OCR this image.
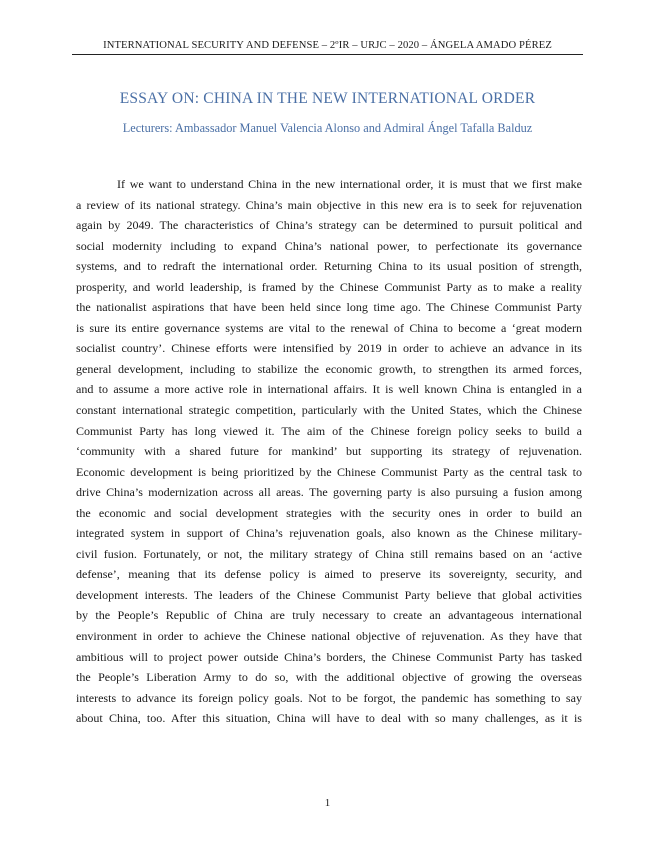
INTERNATIONAL SECURITY AND DEFENSE – 2ºIR – URJC – 2020 – ÁNGELA AMADO PÉREZ
ESSAY ON: CHINA IN THE NEW INTERNATIONAL ORDER
Lecturers: Ambassador Manuel Valencia Alonso and Admiral Ángel Tafalla Balduz
If we want to understand China in the new international order, it is must that we first make
a review of its national strategy. China’s main objective in this new era is to seek for rejuvenation
again by 2049. The characteristics of China’s strategy can be determined to pursuit political and
social modernity including to expand China’s national power, to perfectionate its governance
systems, and to redraft the international order. Returning China to its usual position of strength,
prosperity, and world leadership, is framed by the Chinese Communist Party as to make a reality
the nationalist aspirations that have been held since long time ago. The Chinese Communist Party
is sure its entire governance systems are vital to the renewal of China to become a ‘great modern
socialist country’. Chinese efforts were intensified by 2019 in order to achieve an advance in its
general development, including to stabilize the economic growth, to strengthen its armed forces,
and to assume a more active role in international affairs. It is well known China is entangled in a
constant international strategic competition, particularly with the United States, which the Chinese
Communist Party has long viewed it. The aim of the Chinese foreign policy seeks to build a
‘community with a shared future for mankind’ but supporting its strategy of rejuvenation.
Economic development is being prioritized by the Chinese Communist Party as the central task to
drive China’s modernization across all areas. The governing party is also pursuing a fusion among
the economic and social development strategies with the security ones in order to build an
integrated system in support of China’s rejuvenation goals, also known as the Chinese military-
civil fusion. Fortunately, or not, the military strategy of China still remains based on an ‘active
defense’, meaning that its defense policy is aimed to preserve its sovereignty, security, and
development interests. The leaders of the Chinese Communist Party believe that global activities
by the People’s Republic of China are truly necessary to create an advantageous international
environment in order to achieve the Chinese national objective of rejuvenation. As they have that
ambitious will to project power outside China’s borders, the Chinese Communist Party has tasked
the People’s Liberation Army to do so, with the additional objective of growing the overseas
interests to advance its foreign policy goals. Not to be forgot, the pandemic has something to say
about China, too. After this situation, China will have to deal with so many challenges, as it is
1
